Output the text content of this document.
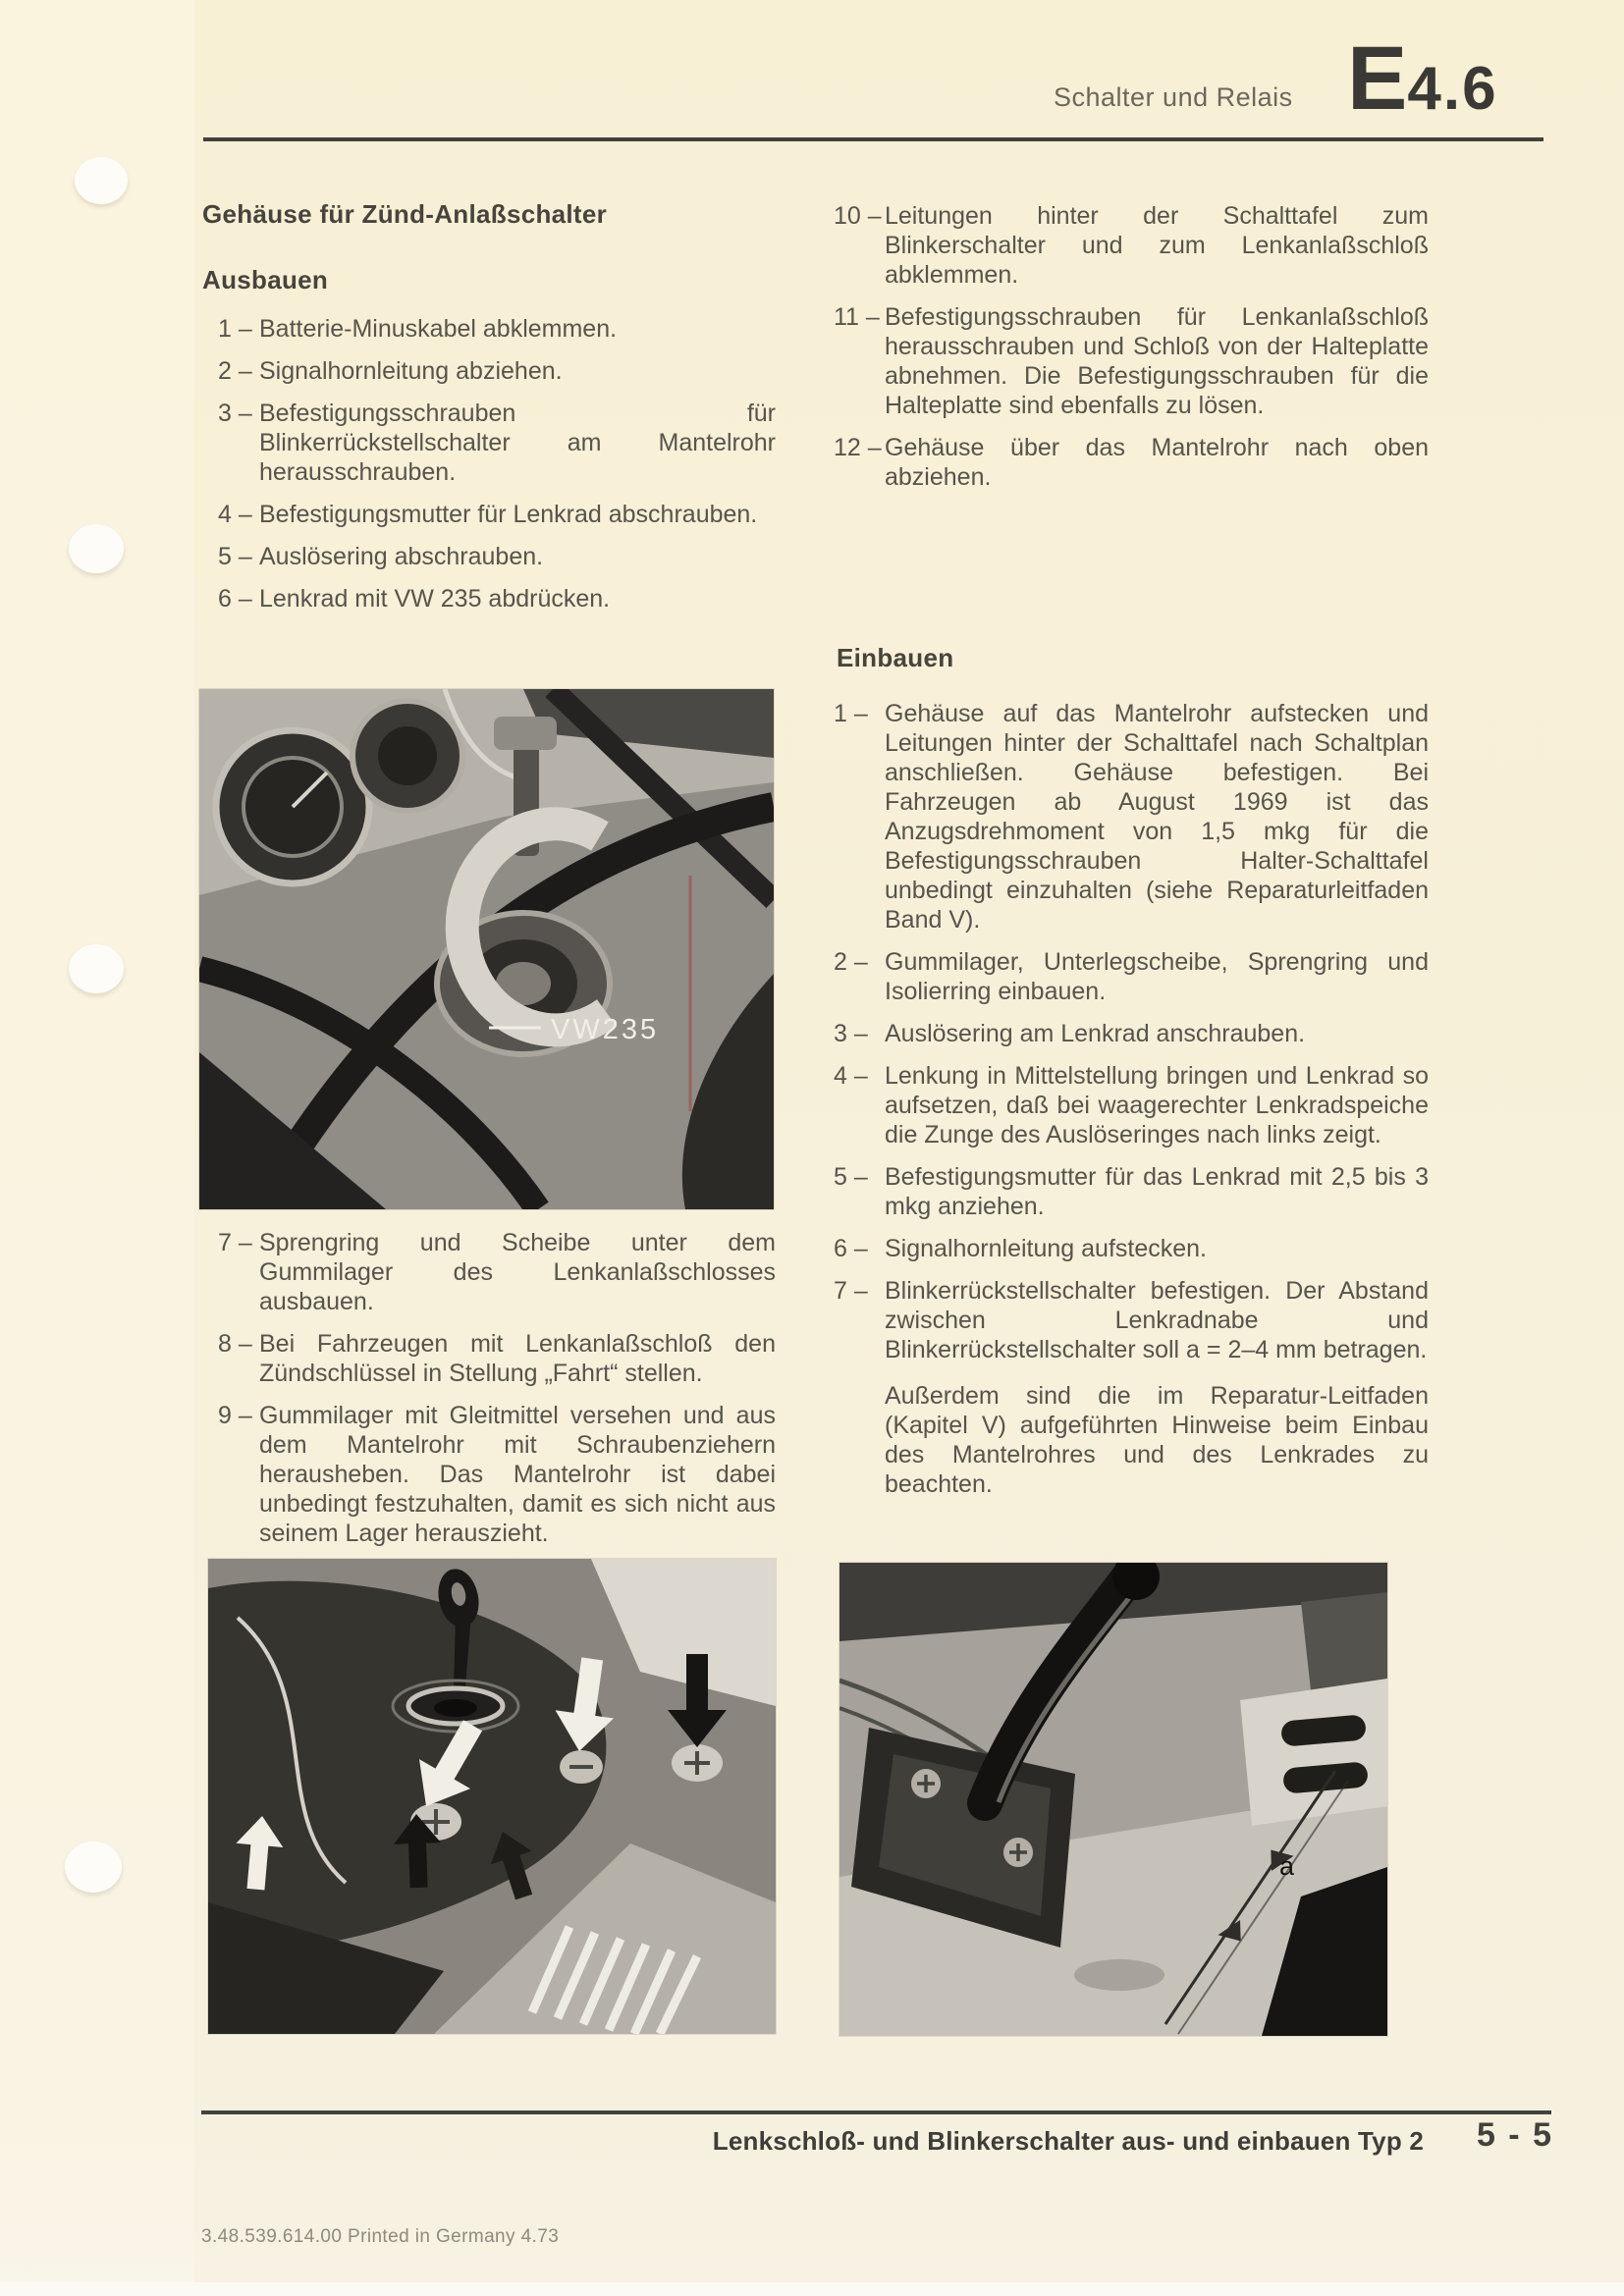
Schalter und Relais E 4.6
Gehäuse für Zünd-Anlaßschalter
Ausbauen
1 – Batterie-Minuskabel abklemmen.
2 – Signalhornleitung abziehen.
3 – Befestigungsschrauben für Blinkerrückstellschalter am Mantelrohr herausschrauben.
4 – Befestigungsmutter für Lenkrad abschrauben.
5 – Auslösering abschrauben.
6 – Lenkrad mit VW 235 abdrücken.
VW235
7 – Sprengring und Scheibe unter dem Gummilager des Lenkanlaßschlosses ausbauen.
8 – Bei Fahrzeugen mit Lenkanlaßschloß den Zündschlüssel in Stellung „Fahrt“ stellen.
9 – Gummilager mit Gleitmittel versehen und aus dem Mantelrohr mit Schraubenziehern herausheben. Das Mantelrohr ist dabei unbedingt festzuhalten, damit es sich nicht aus seinem Lager herauszieht.
10 – Leitungen hinter der Schalttafel zum Blinkerschalter und zum Lenkanlaßschloß abklemmen.
11 – Befestigungsschrauben für Lenkanlaßschloß herausschrauben und Schloß von der Halteplatte abnehmen. Die Befestigungsschrauben für die Halteplatte sind ebenfalls zu lösen.
12 – Gehäuse über das Mantelrohr nach oben abziehen.
Einbauen
1 – Gehäuse auf das Mantelrohr aufstecken und Leitungen hinter der Schalttafel nach Schaltplan anschließen. Gehäuse befestigen. Bei Fahrzeugen ab August 1969 ist das Anzugsdrehmoment von 1,5 mkg für die Befestigungsschrauben Halter-Schalttafel unbedingt einzuhalten (siehe Reparaturleitfaden Band V).
2 – Gummilager, Unterlegscheibe, Sprengring und Isolierring einbauen.
3 – Auslösering am Lenkrad anschrauben.
4 – Lenkung in Mittelstellung bringen und Lenkrad so aufsetzen, daß bei waagerechter Lenkradspeiche die Zunge des Auslöseringes nach links zeigt.
5 – Befestigungsmutter für das Lenkrad mit 2,5 bis 3 mkg anziehen.
6 – Signalhornleitung aufstecken.
7 – Blinkerrückstellschalter befestigen. Der Abstand zwischen Lenkradnabe und Blinkerrückstellschalter soll a = 2–4 mm betragen.
Außerdem sind die im Reparatur-Leitfaden (Kapitel V) aufgeführten Hinweise beim Einbau des Mantelrohres und des Lenkrades zu beachten.
a
Lenkschloß- und Blinkerschalter aus- und einbauen Typ 2 5 - 5
3.48.539.614.00 Printed in Germany 4.73
